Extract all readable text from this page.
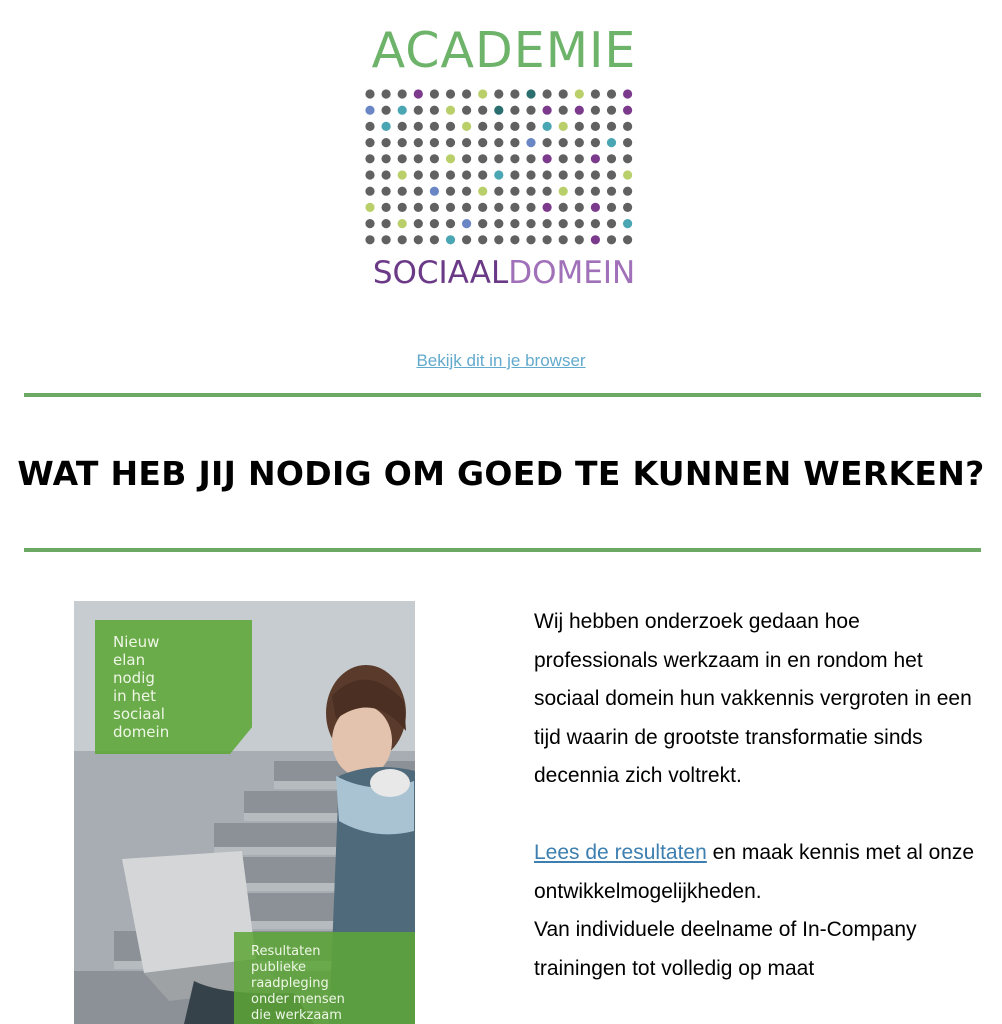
ACADEMIE
SOCIAALDOMEIN
Bekijk dit in je browser
WAT HEB JIJ NODIG OM GOED TE KUNNEN WERKEN?
Nieuw
elan
nodig
in het
sociaal
domein
Resultaten
publieke
raadpleging
onder mensen
die werkzaam

Wij hebben onderzoek gedaan hoe professionals werkzaam in en rondom het sociaal domein hun vakkennis vergroten in een tijd waarin de grootste transformatie sinds decennia zich voltrekt.

Lees de resultaten en maak kennis met al onze ontwikkelmogelijkheden.

Van individuele deelname of In-Company trainingen tot volledig op maat
